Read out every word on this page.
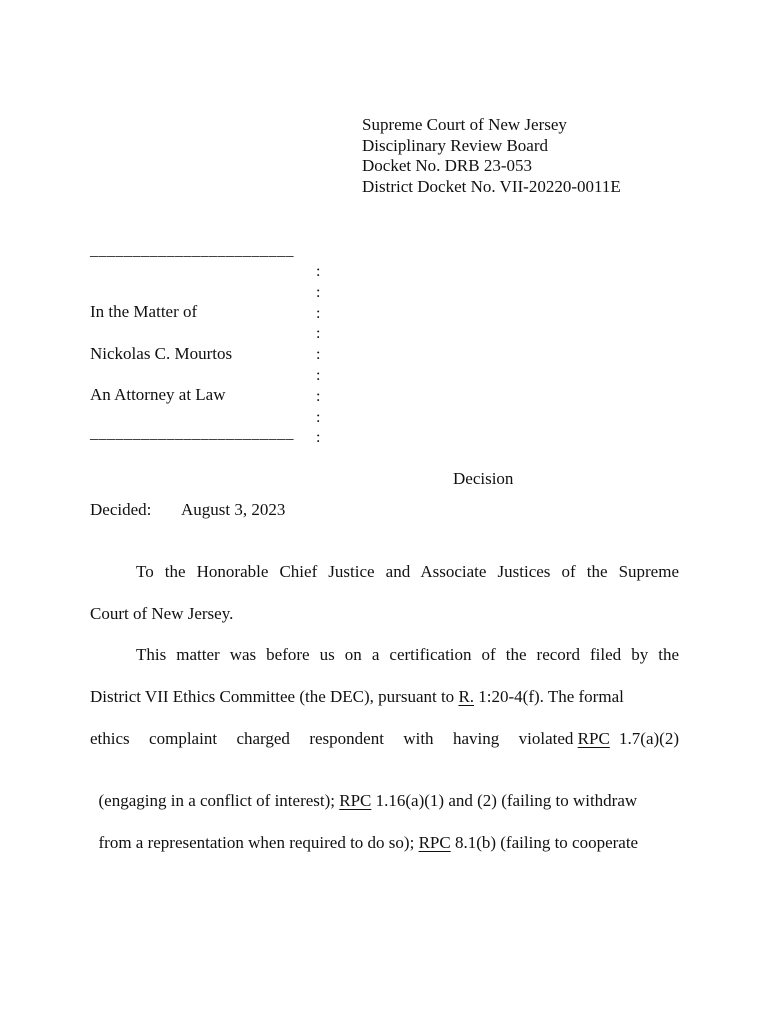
Supreme Court of New Jersey
Disciplinary Review Board
Docket No. DRB 23-053
District Docket No. VII-20220-0011E
________________________
________________________
:
:
:
:
:
:
:
:
:
In the Matter of
Nickolas C. Mourtos
An Attorney at Law
Decision
Decided: August 3, 2023
To the Honorable Chief Justice and Associate Justices of the Supreme
Court of New Jersey.
This matter was before us on a certification of the record filed by the
District VII Ethics Committee (the DEC), pursuant to R. 1:20-4(f). The formal
ethics complaint charged respondent with having violated RPC 1.7(a)(2)

(engaging in a conflict of interest); RPC 1.16(a)(1) and (2) (failing to withdraw

from a representation when required to do so); RPC 8.1(b) (failing to cooperate
